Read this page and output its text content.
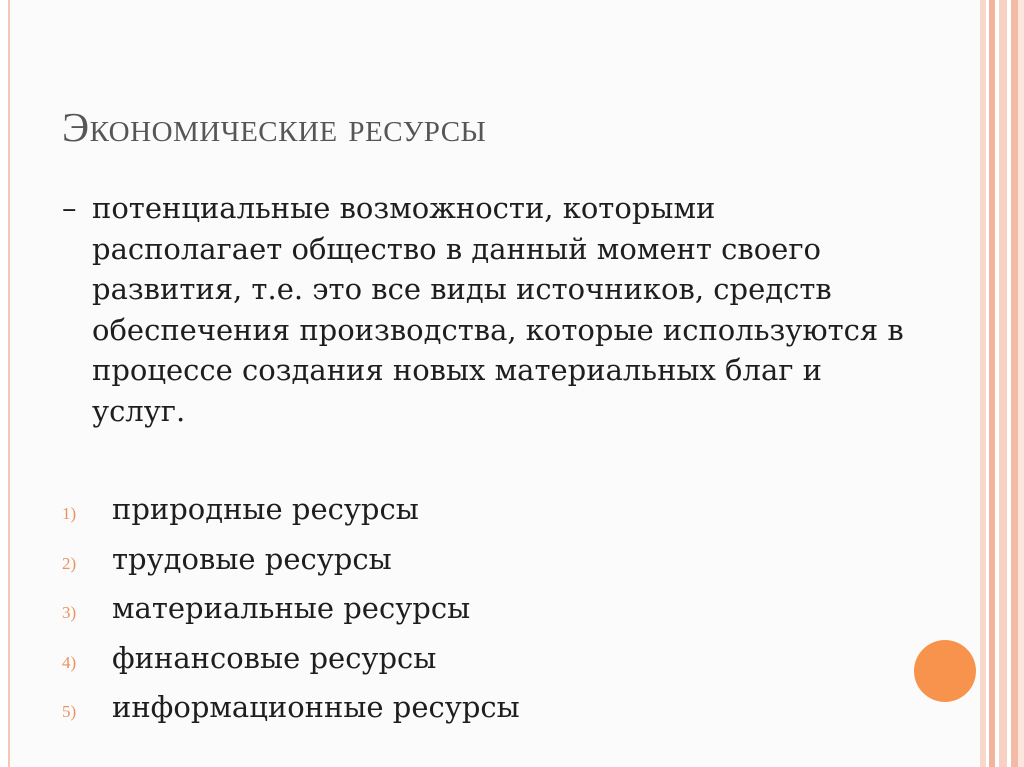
Экономические ресурсы

– потенциальные возможности, которыми располагает общество в данный момент своего развития, т.е. это все виды источников, средств обеспечения производства, которые используются в процессе создания новых материальных благ и услуг.

1)	природные ресурсы
2)	трудовые ресурсы
3)	материальные ресурсы
4)	финансовые ресурсы
5)	информационные ресурсы
